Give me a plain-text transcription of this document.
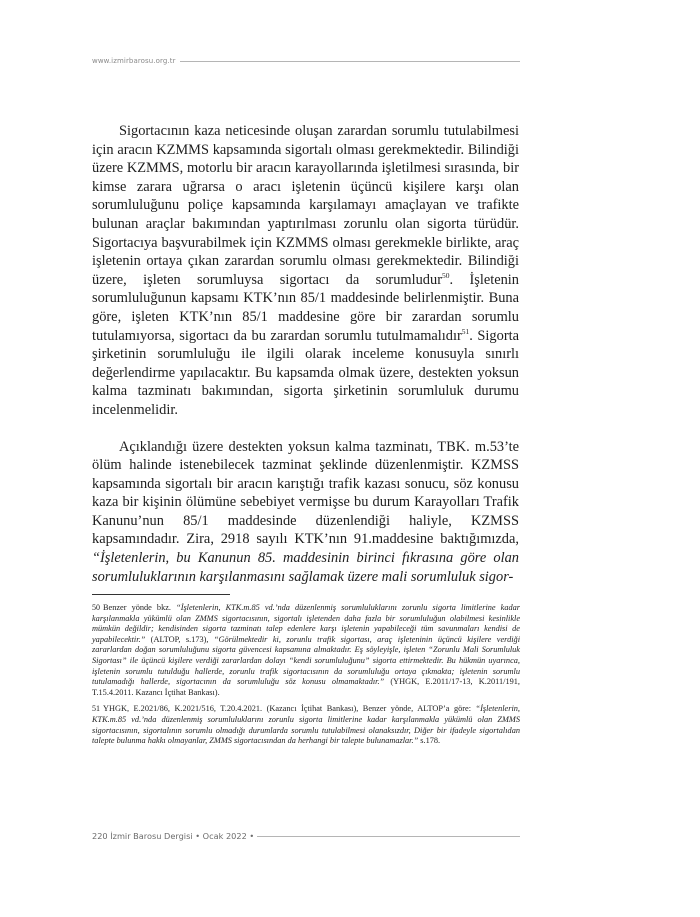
www.izmirbarosu.org.tr

Sigortacının kaza neticesinde oluşan zarardan sorumlu tutulabilmesi için aracın KZMMS kapsamında sigortalı olması gerekmektedir. Bilindiği üzere KZMMS, motorlu bir aracın karayollarında işletilmesi sırasında, bir kimse zarara uğrarsa o aracı işletenin üçüncü kişilere karşı olan sorumluluğunu poliçe kapsamında karşılamayı amaçlayan ve trafikte bulunan araçlar bakımından yaptırılması zorunlu olan sigorta türüdür. Sigortacıya başvurabilmek için KZMMS olması gerekmekle birlikte, araç işletenin ortaya çıkan zarardan sorumlu olması gerekmektedir. Bilindiği üzere, işleten sorumluysa sigortacı da sorumludur$^{50}$. İşletenin sorumluluğunun kapsamı KTK’nın 85/1 maddesinde belirlenmiştir. Buna göre, işleten KTK’nın 85/1 maddesine göre bir zarardan sorumlu tutulamıyorsa, sigortacı da bu zarardan sorumlu tutulmamalıdır$^{51}$. Sigorta şirketinin sorumluluğu ile ilgili olarak inceleme konusuyla sınırlı değerlendirme yapılacaktır. Bu kapsamda olmak üzere, destekten yoksun kalma tazminatı bakımından, sigorta şirketinin sorumluluk durumu incelenmelidir.

Açıklandığı üzere destekten yoksun kalma tazminatı, TBK. m.53’te ölüm halinde istenebilecek tazminat şeklinde düzenlenmiştir. KZMSS kapsamında sigortalı bir aracın karıştığı trafik kazası sonucu, söz konusu kaza bir kişinin ölümüne sebebiyet vermişse bu durum Karayolları Trafik Kanunu’nun 85/1 maddesinde düzenlendiği haliyle, KZMSS kapsamındadır. Zira, 2918 sayılı KTK’nın 91.maddesine baktığımızda, “İşletenlerin, bu Kanunun 85. maddesinin birinci fıkrasına göre olan sorumluluklarının karşılanmasını sağlamak üzere mali sorumluluk sigor-

50 Benzer yönde bkz. “İşletenlerin, KTK.m.85 vd.’nda düzenlenmiş sorumluluklarını zorunlu sigorta limitlerine kadar karşılanmakla yükümlü olan ZMMS sigortacısının, sigortalı işletenden daha fazla bir sorumluluğun olabilmesi kesinlikle mümkün değildir; kendisinden sigorta tazminatı talep edenlere karşı işletenin yapabileceği tüm savunmaları kendisi de yapabilecektir.” (ALTOP, s.173), “Görülmektedir ki, zorunlu trafik sigortası, araç işleteninin üçüncü kişilere verdiği zararlardan doğan sorumluluğunu sigorta güvencesi kapsamına almaktadır. Eş söyleyişle, işleten “Zorunlu Mali Sorumluluk Sigortası” ile üçüncü kişilere verdiği zararlardan dolayı “kendi sorumluluğunu” sigorta ettirmektedir. Bu hükmün uyarınca, işletenin sorumlu tutulduğu hallerde, zorunlu trafik sigortacısının da sorumluluğu ortaya çıkmakta; işletenin sorumlu tutulamadığı hallerde, sigortacının da sorumluluğu söz konusu olmamaktadır.” (YHGK, E.2011/17-13, K.2011/191, T.15.4.2011. Kazancı İçtihat Bankası).

51 YHGK, E.2021/86, K.2021/516, T.20.4.2021. (Kazancı İçtihat Bankası), Benzer yönde, ALTOP’a göre: “İşletenlerin, KTK.m.85 vd.’nda düzenlenmiş sorumluluklarını zorunlu sigorta limitlerine kadar karşılanmakla yükümlü olan ZMMS sigortacısının, sigortalının sorumlu olmadığı durumlarda sorumlu tutulabilmesi olanaksızdır, Diğer bir ifadeyle sigortalıdan talepte bulunma hakkı olmayanlar, ZMMS sigortacısından da herhangi bir talepte bulunamazlar.” s.178.

220 İzmir Barosu Dergisi • Ocak 2022 •
